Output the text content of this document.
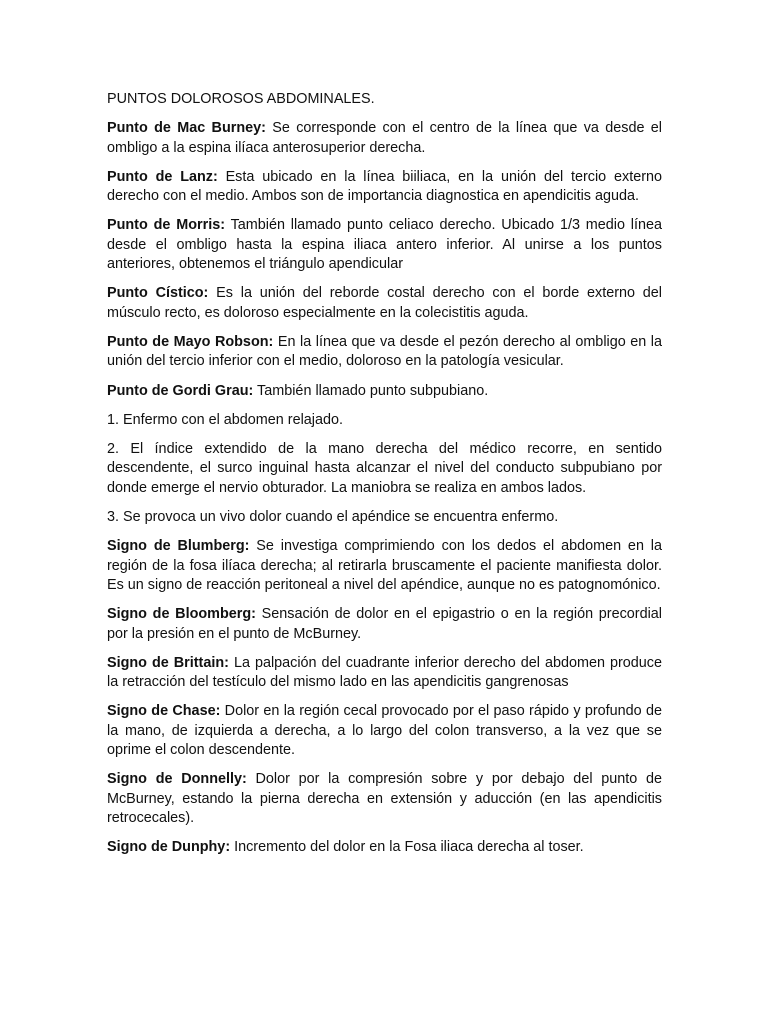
PUNTOS DOLOROSOS ABDOMINALES.

Punto de Mac Burney: Se corresponde con el centro de la línea que va desde el ombligo a la espina ilíaca anterosuperior derecha.

Punto de Lanz: Esta ubicado en la línea biiliaca, en la unión del tercio externo derecho con el medio. Ambos son de importancia diagnostica en apendicitis aguda.

Punto de Morris: También llamado punto celiaco derecho. Ubicado 1/3 medio línea desde el ombligo hasta la espina iliaca antero inferior. Al unirse a los puntos anteriores, obtenemos el triángulo apendicular

Punto Cístico: Es la unión del reborde costal derecho con el borde externo del músculo recto, es doloroso especialmente en la colecistitis aguda.

Punto de Mayo Robson: En la línea que va desde el pezón derecho al ombligo en la unión del tercio inferior con el medio, doloroso en la patología vesicular.

Punto de Gordi Grau: También llamado punto subpubiano.

1. Enfermo con el abdomen relajado.

2. El índice extendido de la mano derecha del médico recorre, en sentido descendente, el surco inguinal hasta alcanzar el nivel del conducto subpubiano por donde emerge el nervio obturador. La maniobra se realiza en ambos lados.

3. Se provoca un vivo dolor cuando el apéndice se encuentra enfermo.

Signo de Blumberg: Se investiga comprimiendo con los dedos el abdomen en la región de la fosa ilíaca derecha; al retirarla bruscamente el paciente manifiesta dolor. Es un signo de reacción peritoneal a nivel del apéndice, aunque no es patognomónico.

Signo de Bloomberg: Sensación de dolor en el epigastrio o en la región precordial por la presión en el punto de McBurney.

Signo de Brittain: La palpación del cuadrante inferior derecho del abdomen produce la retracción del testículo del mismo lado en las apendicitis gangrenosas

Signo de Chase: Dolor en la región cecal provocado por el paso rápido y profundo de la mano, de izquierda a derecha, a lo largo del colon transverso, a la vez que se oprime el colon descendente.

Signo de Donnelly: Dolor por la compresión sobre y por debajo del punto de McBurney, estando la pierna derecha en extensión y aducción (en las apendicitis retrocecales).

Signo de Dunphy: Incremento del dolor en la Fosa iliaca derecha al toser.
